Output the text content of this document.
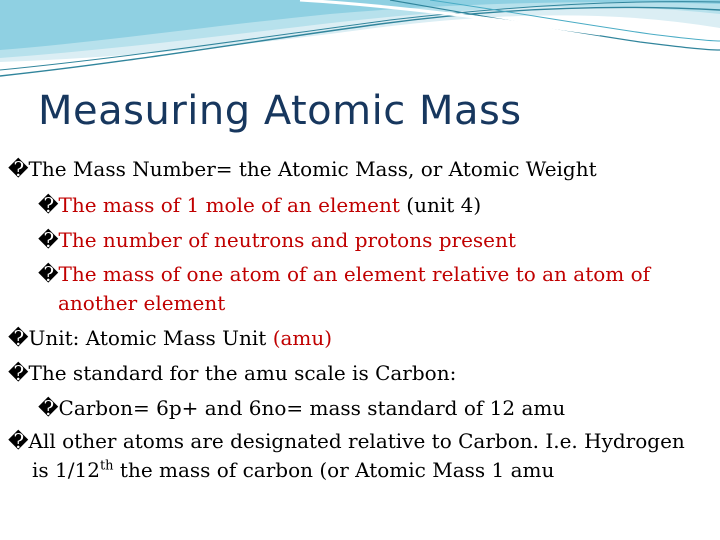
Measuring Atomic Mass
�The Mass Number= the Atomic Mass, or Atomic Weight
�The mass of 1 mole of an element (unit 4)
�The number of neutrons and protons present
�The mass of one atom of an element relative to an atom of
another element
�Unit: Atomic Mass Unit (amu)
�The standard for the amu scale is Carbon:
�Carbon= 6p+ and 6no= mass standard of 12 amu
�All other atoms are designated relative to Carbon. I.e. Hydrogen
is 1/12th the mass of carbon (or Atomic Mass 1 amu
